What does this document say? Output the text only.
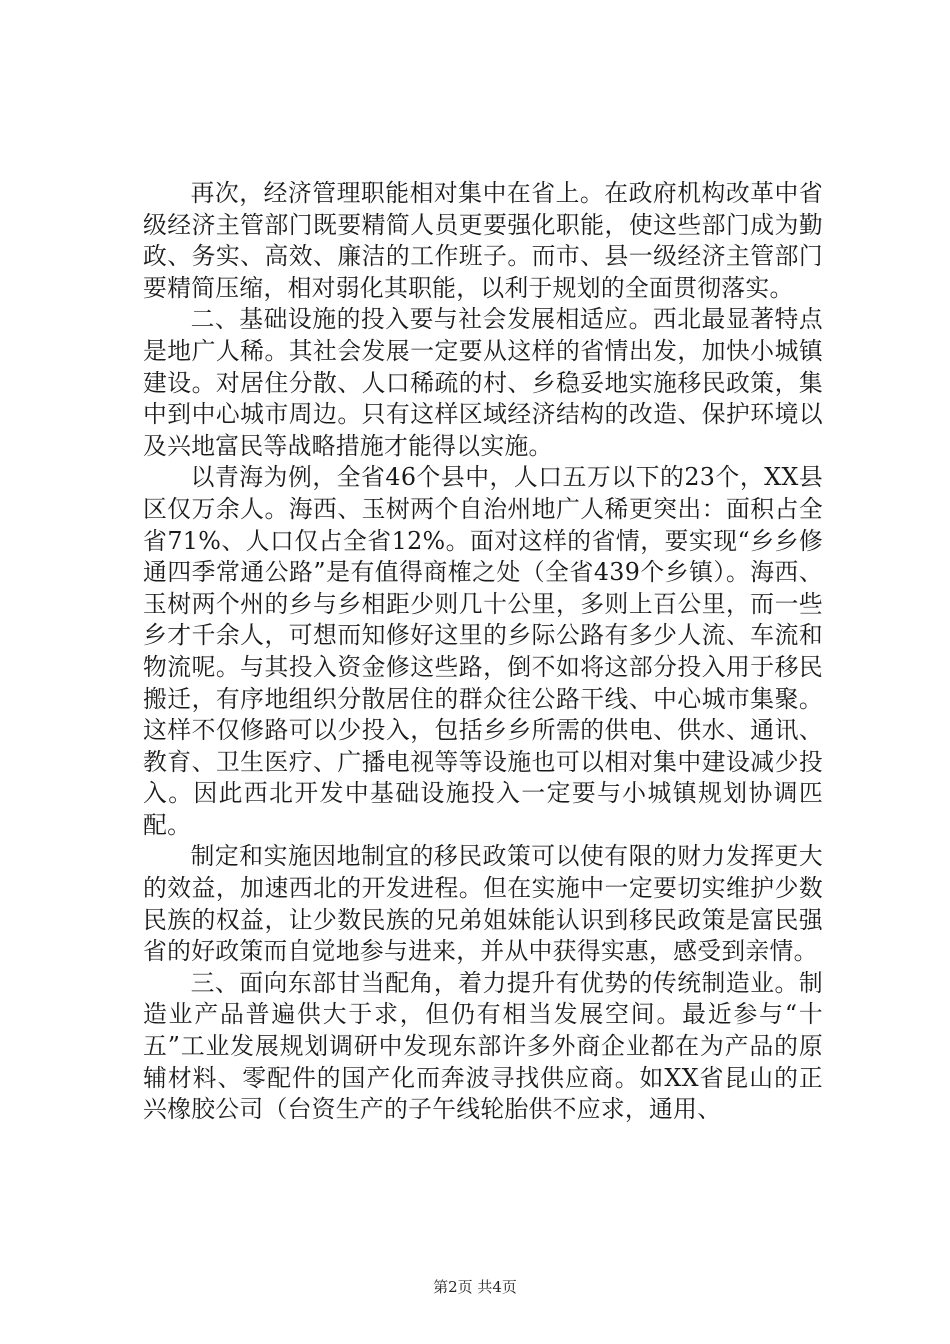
再次，经济管理职能相对集中在省上。在政府机构改革中省级经济主管部门既要精简人员更要强化职能，使这些部门成为勤政、务实、高效、廉洁的工作班子。而市、县一级经济主管部门要精简压缩，相对弱化其职能，以利于规划的全面贯彻落实。

二、基础设施的投入要与社会发展相适应。西北最显著特点是地广人稀。其社会发展一定要从这样的省情出发，加快小城镇建设。对居住分散、人口稀疏的村、乡稳妥地实施移民政策，集中到中心城市周边。只有这样区域经济结构的改造、保护环境以及兴地富民等战略措施才能得以实施。

以青海为例，全省46个县中，人口五万以下的23个，XX县区仅万余人。海西、玉树两个自治州地广人稀更突出：面积占全省71%、人口仅占全省12%。面对这样的省情，要实现“乡乡修通四季常通公路”是有值得商榷之处（全省439个乡镇）。海西、玉树两个州的乡与乡相距少则几十公里，多则上百公里，而一些乡才千余人，可想而知修好这里的乡际公路有多少人流、车流和物流呢。与其投入资金修这些路，倒不如将这部分投入用于移民搬迁，有序地组织分散居住的群众往公路干线、中心城市集聚。这样不仅修路可以少投入，包括乡乡所需的供电、供水、通讯、教育、卫生医疗、广播电视等等设施也可以相对集中建设减少投入。因此西北开发中基础设施投入一定要与小城镇规划协调匹配。

制定和实施因地制宜的移民政策可以使有限的财力发挥更大的效益，加速西北的开发进程。但在实施中一定要切实维护少数民族的权益，让少数民族的兄弟姐妹能认识到移民政策是富民强省的好政策而自觉地参与进来，并从中获得实惠，感受到亲情。

三、面向东部甘当配角，着力提升有优势的传统制造业。制造业产品普遍供大于求，但仍有相当发展空间。最近参与“十五”工业发展规划调研中发现东部许多外商企业都在为产品的原辅材料、零配件的国产化而奔波寻找供应商。如XX省昆山的正兴橡胶公司（台资生产的子午线轮胎供不应求，通用、

第2页 共4页
